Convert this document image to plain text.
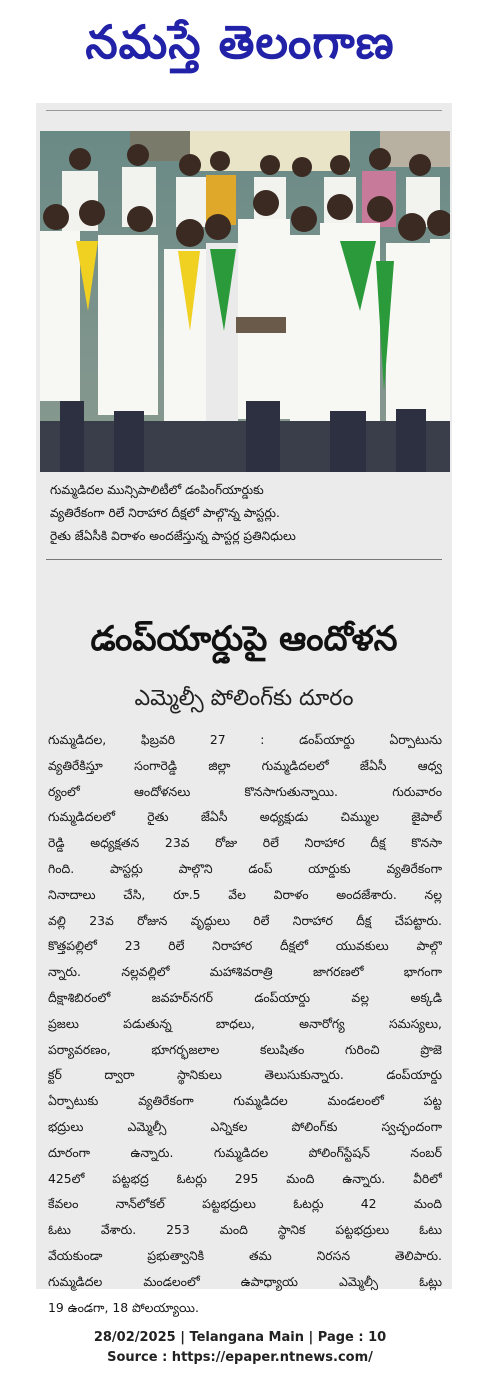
నమస్తే తెలంగాణ
గుమ్మడిదల మున్సిపాలిటీలో డంపింగ్‌యార్డుకు
వ్యతిరేకంగా రిలే నిరాహార దీక్షలో పాల్గొన్న పాస్టర్లు.
రైతు జేఏసీకి విరాళం అందజేస్తున్న పాస్టర్ల ప్రతినిధులు
డంప్‌యార్డుపై ఆందోళన
ఎమ్మెల్సీ పోలింగ్‌కు దూరం
గుమ్మడిదల, ఫిబ్రవరి 27 : డంప్‌యార్డు ఏర్పాటును
వ్యతిరేకిస్తూ సంగారెడ్డి జిల్లా గుమ్మడిదలలో జేఏసీ ఆధ్వ
ర్యంలో ఆందోళనలు కొనసాగుతున్నాయి. గురువారం
గుమ్మడిదలలో రైతు జేఏసీ అధ్యక్షుడు చిమ్ముల జైపాల్
రెడ్డి అధ్యక్షతన 23వ రోజు రిలే నిరాహార దీక్ష కొనసా
గింది. పాస్టర్లు పాల్గొని డంప్ యార్డుకు వ్యతిరేకంగా
నినాదాలు చేసి, రూ.5 వేల విరాళం అందజేశారు. నల్ల
వల్లి 23వ రోజున వృద్ధులు రిలే నిరాహార దీక్ష చేపట్టారు.
కొత్తపల్లిలో 23 రిలే నిరాహార దీక్షలో యువకులు పాల్గొ
న్నారు. నల్లవల్లిలో మహాశివరాత్రి జాగరణలో భాగంగా
దీక్షాశిబిరంలో జవహర్‌నగర్ డంప్‌యార్డు వల్ల అక్కడి
ప్రజలు పడుతున్న బాధలు, అనారోగ్య సమస్యలు,
పర్యావరణం, భూగర్భజలాల కలుషితం గురించి ప్రొజె
క్టర్ ద్వారా స్థానికులు తెలుసుకున్నారు. డంప్‌యార్డు
ఏర్పాటుకు వ్యతిరేకంగా గుమ్మడిదల మండలంలో పట్ట
భద్రులు ఎమ్మెల్సీ ఎన్నికల పోలింగ్‌కు స్వచ్ఛందంగా
దూరంగా ఉన్నారు. గుమ్మడిదల పోలింగ్‌స్టేషన్ నంబర్
425లో పట్టభద్ర ఓటర్లు 295 మంది ఉన్నారు. వీరిలో
కేవలం నాన్‌లోకల్ పట్టభద్రులు ఓటర్లు 42 మంది
ఓటు వేశారు. 253 మంది స్థానిక పట్టభద్రులు ఓటు
వేయకుండా ప్రభుత్వానికి తమ నిరసన తెలిపారు.
గుమ్మడిదల మండలంలో ఉపాధ్యాయ ఎమ్మెల్సీ ఓట్లు
19 ఉండగా, 18 పోలయ్యాయి.
28/02/2025 | Telangana Main | Page : 10
Source : https://epaper.ntnews.com/
